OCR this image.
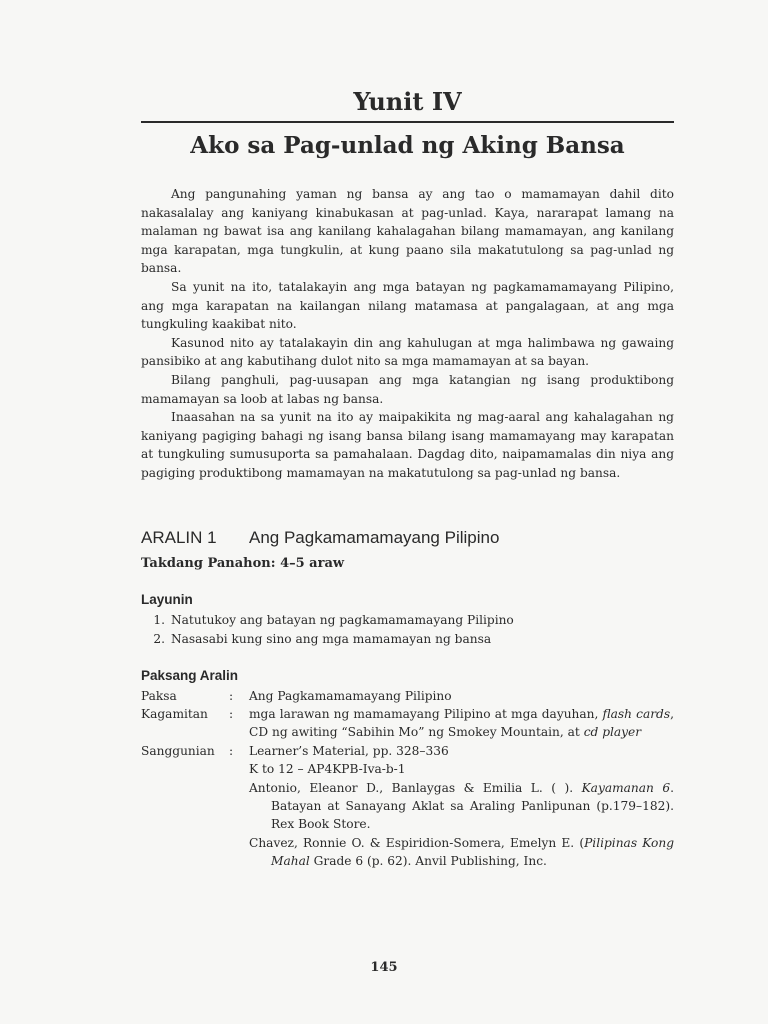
Yunit IV
Ako sa Pag-unlad ng Aking Bansa

Ang pangunahing yaman ng bansa ay ang tao o mamamayan dahil dito nakasalalay ang kaniyang kinabukasan at pag-unlad. Kaya, nararapat lamang na malaman ng bawat isa ang kanilang kahalagahan bilang mamamayan, ang kanilang mga karapatan, mga tungkulin, at kung paano sila makatutulong sa pag-unlad ng bansa.

Sa yunit na ito, tatalakayin ang mga batayan ng pagkamamamayang Pilipino, ang mga karapatan na kailangan nilang matamasa at pangalagaan, at ang mga tungkuling kaakibat nito.

Kasunod nito ay tatalakayin din ang kahulugan at mga halimbawa ng gawaing pansibiko at ang kabutihang dulot nito sa mga mamamayan at sa bayan.

Bilang panghuli, pag-uusapan ang mga katangian ng isang produktibong mamamayan sa loob at labas ng bansa.

Inaasahan na sa yunit na ito ay maipakikita ng mag-aaral ang kahalagahan ng kaniyang pagiging bahagi ng isang bansa bilang isang mamamayang may karapatan at tungkuling sumusuporta sa pamahalaan. Dagdag dito, naipamamalas din niya ang pagiging produktibong mamamayan na makatutulong sa pag-unlad ng bansa.

ARALIN 1	Ang Pagkamamamayang Pilipino
Takdang Panahon: 4–5 araw
Layunin
1. Natutukoy ang batayan ng pagkamamamayang Pilipino
2. Nasasabi kung sino ang mga mamamayan ng bansa
Paksang Aralin
Paksa	:	Ang Pagkamamamayang Pilipino
Kagamitan	:	mga larawan ng mamamayang Pilipino at mga dayuhan, flash cards, CD ng awiting “Sabihin Mo” ng Smokey Mountain, at cd player
Sanggunian	:	Learner’s Material, pp. 328–336

K to 12 – AP4KPB-Iva-b-1

Antonio, Eleanor D., Banlaygas & Emilia L. ( ). Kayamanan 6. Batayan at Sanayang Aklat sa Araling Panlipunan (p.179–182). Rex Book Store.

Chavez, Ronnie O. & Espiridion-Somera, Emelyn E. (Pilipinas Kong Mahal Grade 6 (p. 62). Anvil Publishing, Inc.

145
